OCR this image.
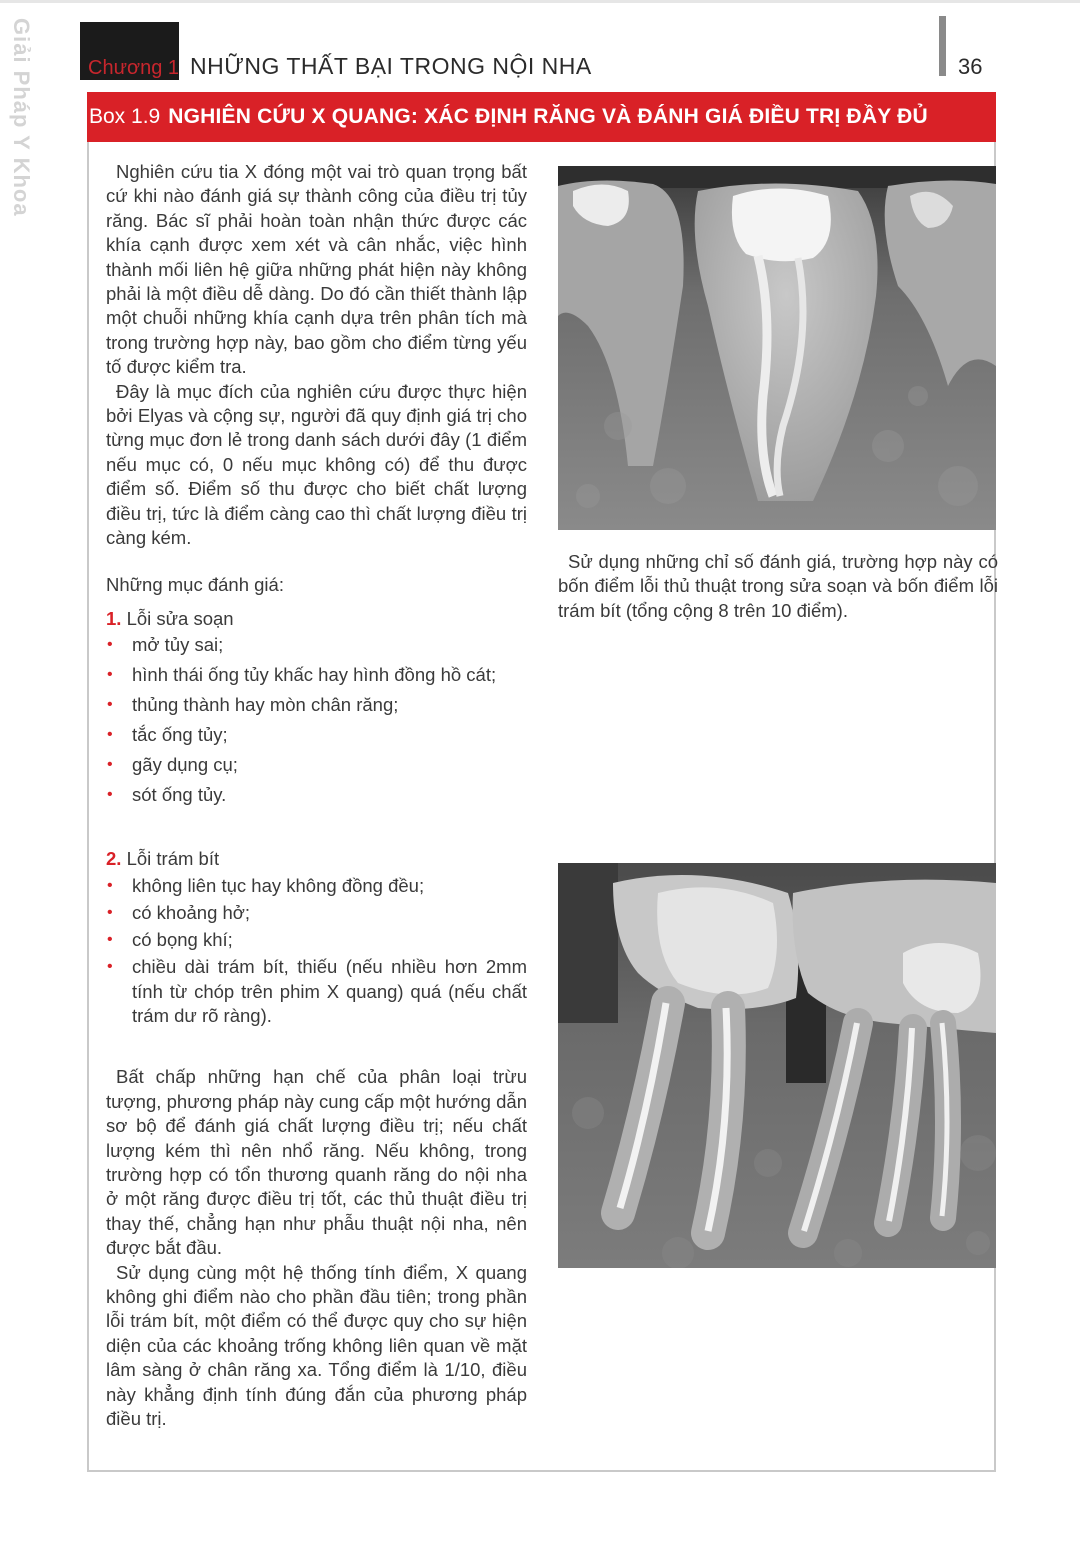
Giải Pháp Y Khoa	Chương 1 NHỮNG THẤT BẠI TRONG NỘI NHA	36
Box 1.9 NGHIÊN CỨU X QUANG: XÁC ĐỊNH RĂNG VÀ ĐÁNH GIÁ ĐIỀU TRỊ ĐẦY ĐỦ

Nghiên cứu tia X đóng một vai trò quan trọng bất cứ khi nào đánh giá sự thành công của điều trị tủy răng. Bác sĩ phải hoàn toàn nhận thức được các khía cạnh được xem xét và cân nhắc, việc hình thành mối liên hệ giữa những phát hiện này không phải là một điều dễ dàng. Do đó cần thiết thành lập một chuỗi những khía cạnh dựa trên phân tích mà trong trường hợp này, bao gồm cho điểm từng yếu tố được kiểm tra.

Đây là mục đích của nghiên cứu được thực hiện bởi Elyas và cộng sự, người đã quy định giá trị cho từng mục đơn lẻ trong danh sách dưới đây (1 điểm nếu mục có, 0 nếu mục không có) để thu được điểm số. Điểm số thu được cho biết chất lượng điều trị, tức là điểm càng cao thì chất lượng điều trị càng kém.

Những mục đánh giá:

1. Lỗi sửa soạn

• mở tủy sai;
• hình thái ống tủy khấc hay hình đồng hồ cát;
• thủng thành hay mòn chân răng;
• tắc ống tủy;
• gãy dụng cụ;
• sót ống tủy.

2. Lỗi trám bít

• không liên tục hay không đồng đều;
• có khoảng hở;
• có bọng khí;
• chiều dài trám bít, thiếu (nếu nhiều hơn 2mm tính từ chóp trên phim X quang) quá (nếu chất trám dư rõ ràng).

Bất chấp những hạn chế của phân loại trừu tượng, phương pháp này cung cấp một hướng dẫn sơ bộ để đánh giá chất lượng điều trị; nếu chất lượng kém thì nên nhổ răng. Nếu không, trong trường hợp có tổn thương quanh răng do nội nha ở một răng được điều trị tốt, các thủ thuật điều trị thay thế, chẳng hạn như phẫu thuật nội nha, nên được bắt đầu.

Sử dụng cùng một hệ thống tính điểm, X quang không ghi điểm nào cho phần đầu tiên; trong phần lỗi trám bít, một điểm có thể được quy cho sự hiện diện của các khoảng trống không liên quan về mặt lâm sàng ở chân răng xa. Tổng điểm là 1/10, điều này khẳng định tính đúng đắn của phương pháp điều trị.

Sử dụng những chỉ số đánh giá, trường hợp này có bốn điểm lỗi thủ thuật trong sửa soạn và bốn điểm lỗi trám bít (tổng cộng 8 trên 10 điểm).
